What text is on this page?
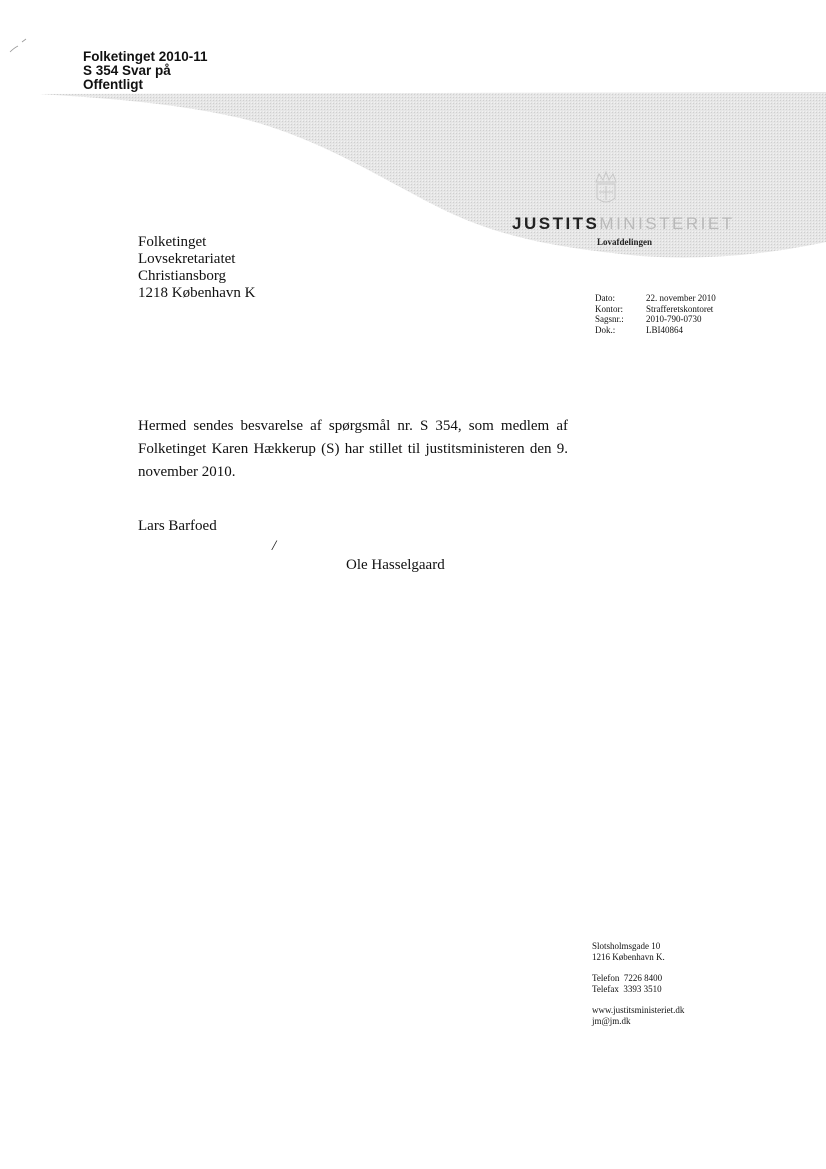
Folketinget 2010-11
S 354 Svar på
Offentligt
JUSTITSMINISTERIET
Lovafdelingen
Folketinget
Lovsekretariatet
Christiansborg
1218 København K	Dato:	22. november 2010
Kontor:	Strafferetskontoret
Sagsnr.:	2010-790-0730
Dok.:	LBI40864
Hermed sendes besvarelse af spørgsmål nr. S 354, som medlem af Folketinget Karen Hækkerup (S) har stillet til justitsministeren den 9. november 2010.
Lars Barfoed
/
Ole Hasselgaard
Slotsholmsgade 10
1216 København K.
Telefon  7226 8400
Telefax  3393 3510
www.justitsministeriet.dk
jm@jm.dk
